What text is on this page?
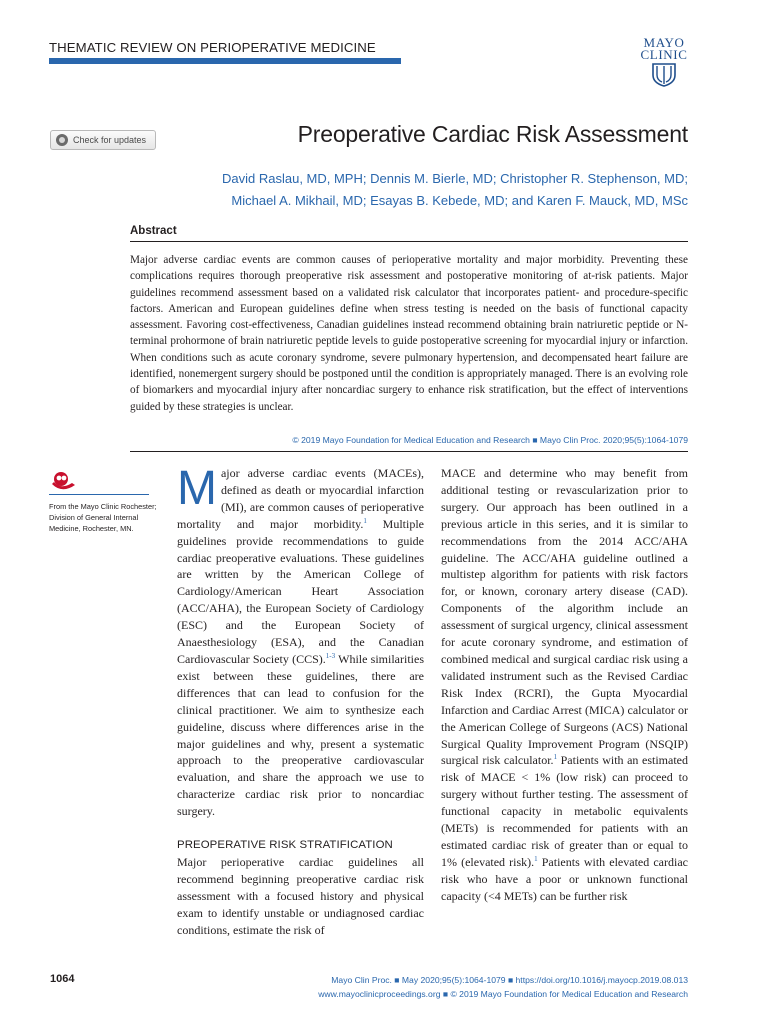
THEMATIC REVIEW ON PERIOPERATIVE MEDICINE	MAYO
CLINIC
Check for updates	Preoperative Cardiac Risk Assessment
David Raslau, MD, MPH; Dennis M. Bierle, MD; Christopher R. Stephenson, MD;
Michael A. Mikhail, MD; Esayas B. Kebede, MD; and Karen F. Mauck, MD, MSc
Abstract
Major adverse cardiac events are common causes of perioperative mortality and major morbidity. Preventing these complications requires thorough preoperative risk assessment and postoperative monitoring of at-risk patients. Major guidelines recommend assessment based on a validated risk calculator that incorporates patient- and procedure-specific factors. American and European guidelines define when stress testing is needed on the basis of functional capacity assessment. Favoring cost-effectiveness, Canadian guidelines instead recommend obtaining brain natriuretic peptide or N-terminal prohormone of brain natriuretic peptide levels to guide postoperative screening for myocardial injury or infarction. When conditions such as acute coronary syndrome, severe pulmonary hypertension, and decompensated heart failure are identified, nonemergent surgery should be postponed until the condition is appropriately managed. There is an evolving role of biomarkers and myocardial injury after noncardiac surgery to enhance risk stratification, but the effect of interventions guided by these strategies is unclear.
© 2019 Mayo Foundation for Medical Education and Research ■ Mayo Clin Proc. 2020;95(5):1064-1079
From the Mayo Clinic Rochester; Division of General Internal Medicine, Rochester, MN.

Major adverse cardiac events (MACEs), defined as death or myocardial infarction (MI), are common causes of perioperative mortality and major morbidity.$^1$ Multiple guidelines provide recommendations to guide cardiac preoperative evaluations. These guidelines are written by the American College of Cardiology/American Heart Association (ACC/AHA), the European Society of Cardiology (ESC) and the European Society of Anaesthesiology (ESA), and the Canadian Cardiovascular Society (CCS).$^{1-3}$ While similarities exist between these guidelines, there are differences that can lead to confusion for the clinical practitioner. We aim to synthesize each guideline, discuss where differences arise in the major guidelines and why, present a systematic approach to the preoperative cardiovascular evaluation, and share the approach we use to characterize cardiac risk prior to noncardiac surgery.

PREOPERATIVE RISK STRATIFICATION

Major perioperative cardiac guidelines all recommend beginning preoperative cardiac risk assessment with a focused history and physical exam to identify unstable or undiagnosed cardiac conditions, estimate the risk of

MACE and determine who may benefit from additional testing or revascularization prior to surgery. Our approach has been outlined in a previous article in this series, and it is similar to recommendations from the 2014 ACC/AHA guideline. The ACC/AHA guideline outlined a multistep algorithm for patients with risk factors for, or known, coronary artery disease (CAD). Components of the algorithm include an assessment of surgical urgency, clinical assessment for acute coronary syndrome, and estimation of combined medical and surgical cardiac risk using a validated instrument such as the Revised Cardiac Risk Index (RCRI), the Gupta Myocardial Infarction and Cardiac Arrest (MICA) calculator or the American College of Surgeons (ACS) National Surgical Quality Improvement Program (NSQIP) surgical risk calculator.$^1$ Patients with an estimated risk of MACE < 1% (low risk) can proceed to surgery without further testing. The assessment of functional capacity in metabolic equivalents (METs) is recommended for patients with an estimated cardiac risk of greater than or equal to 1% (elevated risk).$^1$ Patients with elevated cardiac risk who have a poor or unknown functional capacity (<4 METs) can be further risk

1064	Mayo Clin Proc. ■ May 2020;95(5):1064-1079 ■ https://doi.org/10.1016/j.mayocp.2019.08.013
www.mayoclinicproceedings.org ■ © 2019 Mayo Foundation for Medical Education and Research
